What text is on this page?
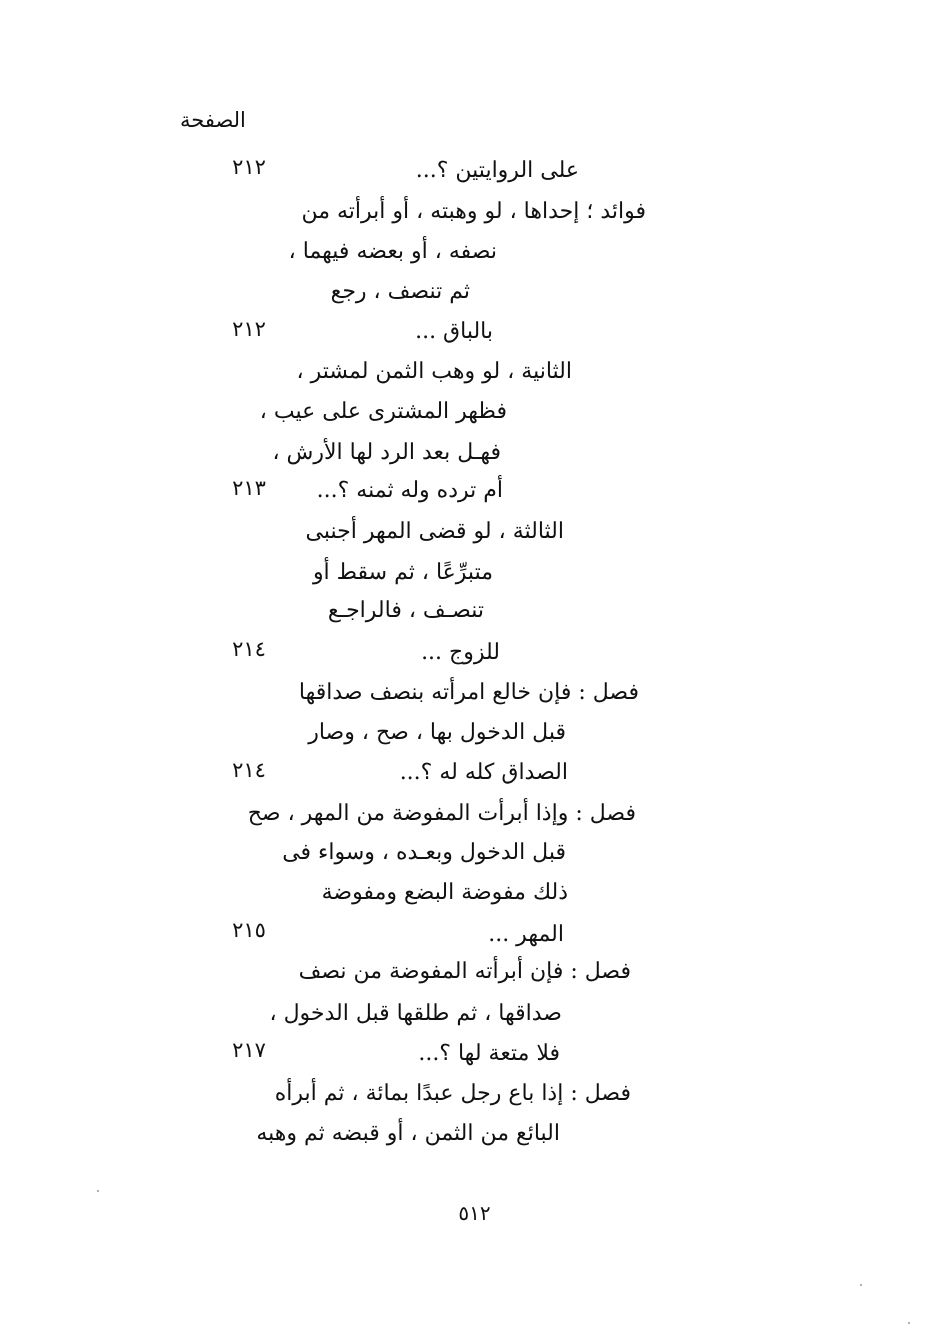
الصفحة
على الروايتين ؟...
٢١٢
فوائد ؛ إحداها ، لو وهبته ، أو أبرأته من
نصفه ، أو بعضه فيهما ،
ثم تنصف ، رجع
بالباق ...
٢١٢
الثانية ، لو وهب الثمن لمشتر ،
فظهر المشترى على عيب ،
فهـل بعد الرد لها الأرش ،
أم ترده وله ثمنه ؟...
٢١٣
الثالثة ، لو قضى المهر أجنبى
متبرِّعًا ، ثم سقط أو
تنصـف ، فالراجـع
للزوج ...
٢١٤
فصل : فإن خالع امرأته بنصف صداقها
قبل الدخول بها ، صح ، وصار
الصداق كله له ؟...
٢١٤
فصل : وإذا أبرأت المفوضة من المهر ، صح
قبل الدخول وبعـده ، وسواء فى
ذلك مفوضة البضع ومفوضة
المهر ...
٢١٥
فصل : فإن أبرأته المفوضة من نصف
صداقها ، ثم طلقها قبل الدخول ،
فلا متعة لها ؟...
٢١٧
فصل : إذا باع رجل عبدًا بمائة ، ثم أبرأه
البائع من الثمن ، أو قبضه ثم وهبه
٥١٢
